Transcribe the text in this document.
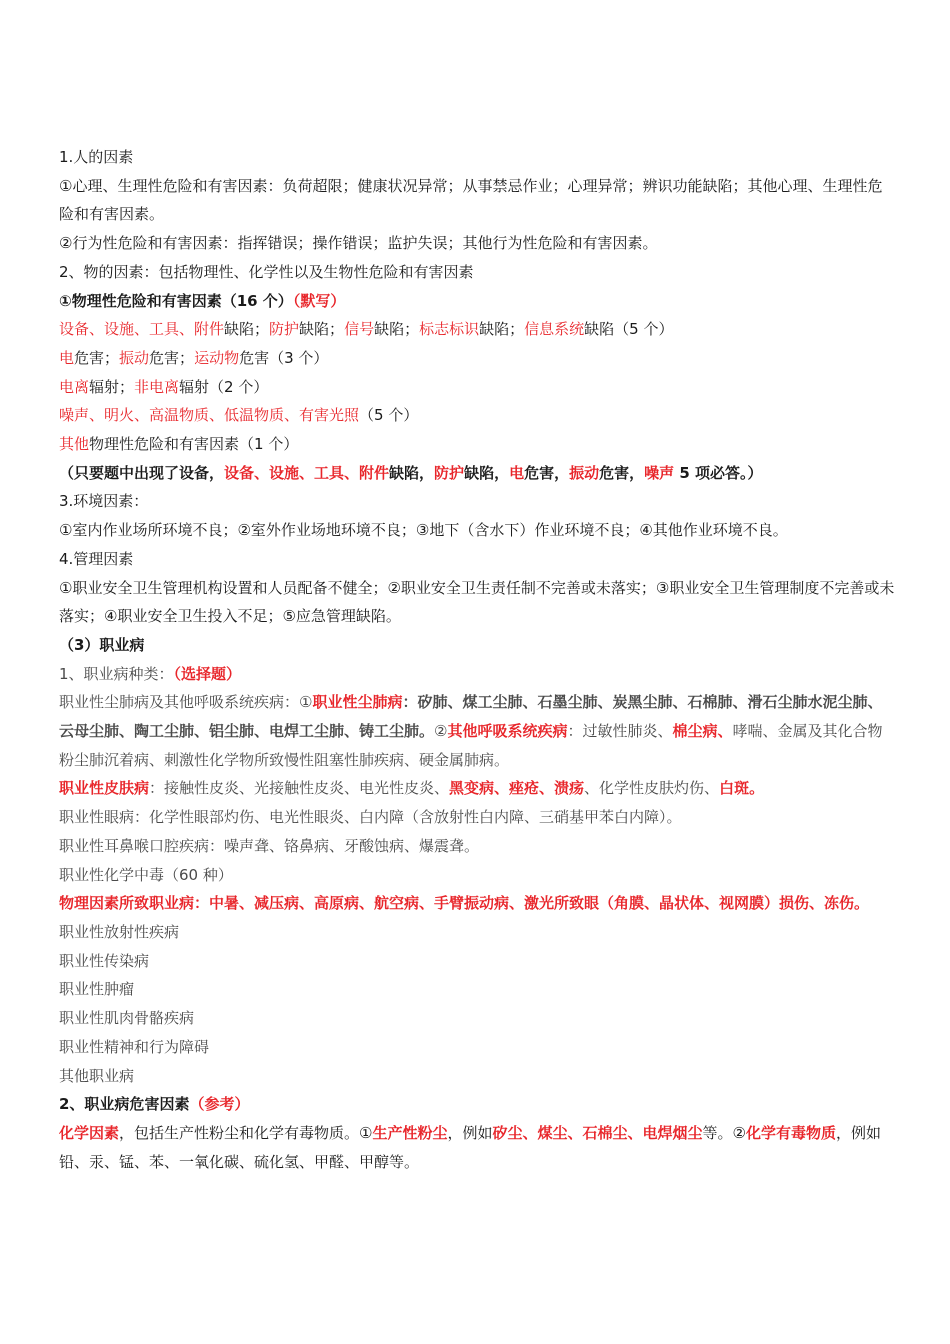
1.人的因素
①心理、生理性危险和有害因素：负荷超限；健康状况异常；从事禁忌作业；心理异常；辨识功能缺陷；其他心理、生理性危险和有害因素。
②行为性危险和有害因素：指挥错误；操作错误；监护失误；其他行为性危险和有害因素。
2、物的因素：包括物理性、化学性以及生物性危险和有害因素
①物理性危险和有害因素（16 个）（默写）
设备、设施、工具、附件缺陷；防护缺陷；信号缺陷；标志标识缺陷；信息系统缺陷（5 个）
电危害；振动危害；运动物危害（3 个）
电离辐射；非电离辐射（2 个）
噪声、明火、高温物质、低温物质、有害光照（5 个）
其他物理性危险和有害因素（1 个）
（只要题中出现了设备，设备、设施、工具、附件缺陷，防护缺陷，电危害，振动危害，噪声 5 项必答。）
3.环境因素：
①室内作业场所环境不良；②室外作业场地环境不良；③地下（含水下）作业环境不良；④其他作业环境不良。
4.管理因素
①职业安全卫生管理机构设置和人员配备不健全；②职业安全卫生责任制不完善或未落实；③职业安全卫生管理制度不完善或未落实；④职业安全卫生投入不足；⑤应急管理缺陷。
（3）职业病
1、职业病种类：（选择题）
职业性尘肺病及其他呼吸系统疾病：①职业性尘肺病：矽肺、煤工尘肺、石墨尘肺、炭黑尘肺、石棉肺、滑石尘肺水泥尘肺、云母尘肺、陶工尘肺、铝尘肺、电焊工尘肺、铸工尘肺。②其他呼吸系统疾病：过敏性肺炎、棉尘病、哮喘、金属及其化合物粉尘肺沉着病、刺激性化学物所致慢性阻塞性肺疾病、硬金属肺病。
职业性皮肤病：接触性皮炎、光接触性皮炎、电光性皮炎、黑变病、痤疮、溃疡、化学性皮肤灼伤、白斑。
职业性眼病：化学性眼部灼伤、电光性眼炎、白内障（含放射性白内障、三硝基甲苯白内障）。
职业性耳鼻喉口腔疾病：噪声聋、铬鼻病、牙酸蚀病、爆震聋。
职业性化学中毒（60 种）
物理因素所致职业病：中暑、减压病、高原病、航空病、手臂振动病、激光所致眼（角膜、晶状体、视网膜）损伤、冻伤。
职业性放射性疾病
职业性传染病
职业性肿瘤
职业性肌肉骨骼疾病
职业性精神和行为障碍
其他职业病
2、职业病危害因素（参考）
化学因素，包括生产性粉尘和化学有毒物质。①生产性粉尘，例如矽尘、煤尘、石棉尘、电焊烟尘等。②化学有毒物质，例如铅、汞、锰、苯、一氧化碳、硫化氢、甲醛、甲醇等。
